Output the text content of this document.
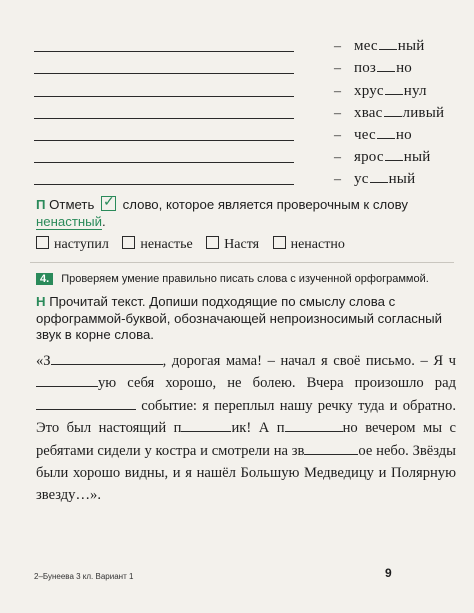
– мес ный
– поз но
– хрус нул
– хвас ливый
– чес но
– ярос ный
– ус ный
П Отметь ✓ слово, которое является проверочным к слову ненастный.
наступил ненастье Настя ненастно
4. Проверяем умение правильно писать слова с изученной орфограммой.
Н Прочитай текст. Допиши подходящие по смыслу слова с орфограммой-буквой, обозначающей непроизносимый согласный звук в корне слова.
«З	, дорогая мама! – начал я своё письмо. – Я чую себя хорошо, не болею. Вчера произошло рад событие: я переплыл нашу речку туда и обратно. Это был настоящий п	ик! А п	но вечером мы с ребятами сидели у костра и смотрели на зв	ое небо. Звёзды были хорошо видны, и я нашёл Большую Медведицу и Полярную звезду…».
2–Бунеева 3 кл. Вариант 1	9
